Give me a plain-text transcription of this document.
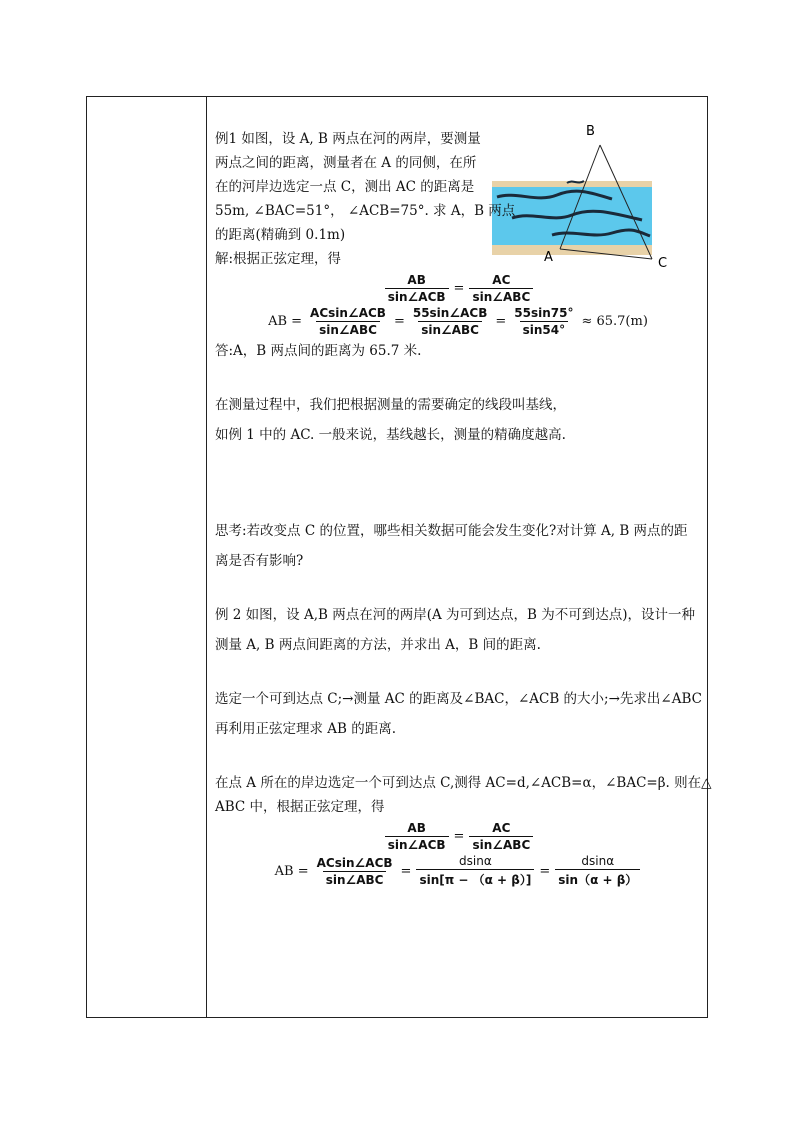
B
A	C

例1 如图，设 A, B 两点在河的两岸，要测量

两点之间的距离，测量者在 A 的同侧，在所

在的河岸边选定一点 C，测出 AC 的距离是

55m, ∠BAC=51°， ∠ACB=75°. 求 A，B 两点

的距离(精确到 0.1m)

解:根据正弦定理，得

$\frac{AB}{\text{sin∠ACB}} = \frac{AC}{\text{sin∠ABC}}$
AB = $\frac{\text{ACsin∠ACB}}{\text{sin∠ABC}} = \frac{\text{55sin∠ACB}}{\text{sin∠ABC}} = \frac{55\sin 75^\circ}{\sin 54^\circ} \approx 65.7(m)$

答:A，B 两点间的距离为 65.7 米.

在测量过程中，我们把根据测量的需要确定的线段叫基线，

如例 1 中的 AC. 一般来说，基线越长，测量的精确度越高.

思考:若改变点 C 的位置，哪些相关数据可能会发生变化?对计算 A, B 两点的距

离是否有影响?

例 2 如图，设 A,B 两点在河的两岸(A 为可到达点，B 为不可到达点)，设计一种

测量 A, B 两点间距离的方法，并求出 A，B 间的距离.

选定一个可到达点 C;→测量 AC 的距离及∠BAC，∠ACB 的大小;→先求出∠ABC

再利用正弦定理求 AB 的距离.

在点 A 所在的岸边选定一个可到达点 C,测得 AC=d,∠ACB=α，∠BAC=β. 则在△

ABC 中，根据正弦定理，得

$\frac{AB}{\text{sin∠ACB}} = \frac{AC}{\text{sin∠ABC}}$
AB = $\frac{\text{ACsin∠ACB}}{\text{sin∠ABC}} = \frac{dsin\alpha}{\sin[\pi - (\alpha + \beta)]} = \frac{dsin\alpha}{\sin(\alpha + \beta)}$
